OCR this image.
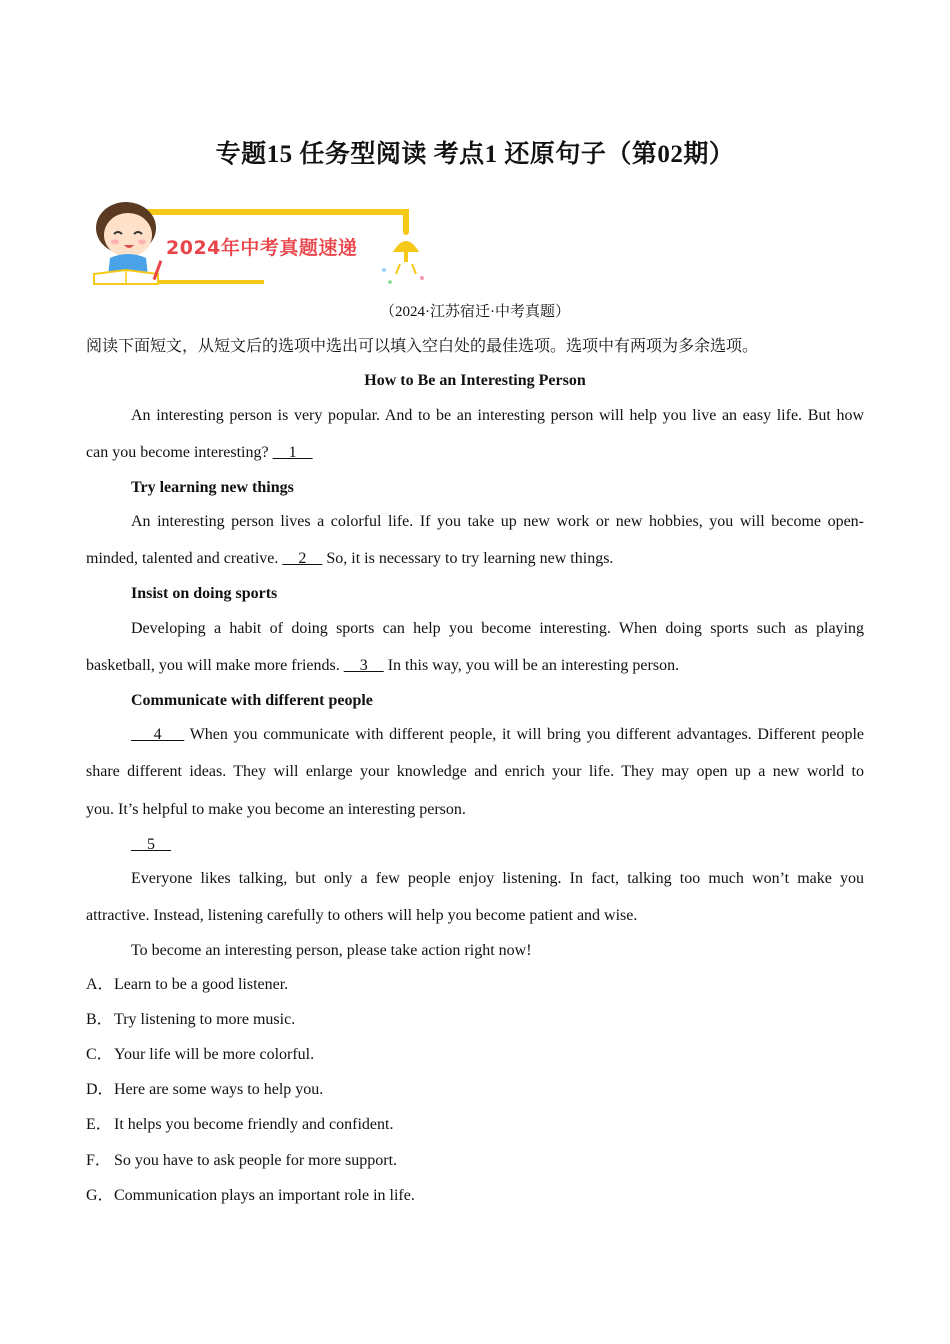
专题15 任务型阅读 考点1 还原句子（第02期）
2024年中考真题速递
（2024·江苏宿迁·中考真题）
阅读下面短文，从短文后的选项中选出可以填入空白处的最佳选项。选项中有两项为多余选项。
How to Be an Interesting Person
An interesting person is very popular. And to be an interesting person will help you live an easy life. But how
can you become interesting?     1
Try learning new things
An interesting person lives a colorful life. If you take up new work or new hobbies, you will become open-
minded, talented and creative.     2     So, it is necessary to try learning new things.
Insist on doing sports
Developing a habit of doing sports can help you become interesting. When doing sports such as playing
basketball, you will make more friends.     3     In this way, you will be an interesting person.
Communicate with different people
4     When you communicate with different people, it will bring you different advantages. Different people
share different ideas. They will enlarge your knowledge and enrich your life. They may open up a new world to
you. It’s helpful to make you become an interesting person.
5
Everyone likes talking, but only a few people enjoy listening. In fact, talking too much won’t make you
attractive. Instead, listening carefully to others will help you become patient and wise.
To become an interesting person, please take action right now!
A．Learn to be a good listener.
B．Try listening to more music.
C．Your life will be more colorful.
D．Here are some ways to help you.
E． It helps you become friendly and confident.
F． So you have to ask people for more support.
G．Communication plays an important role in life.
